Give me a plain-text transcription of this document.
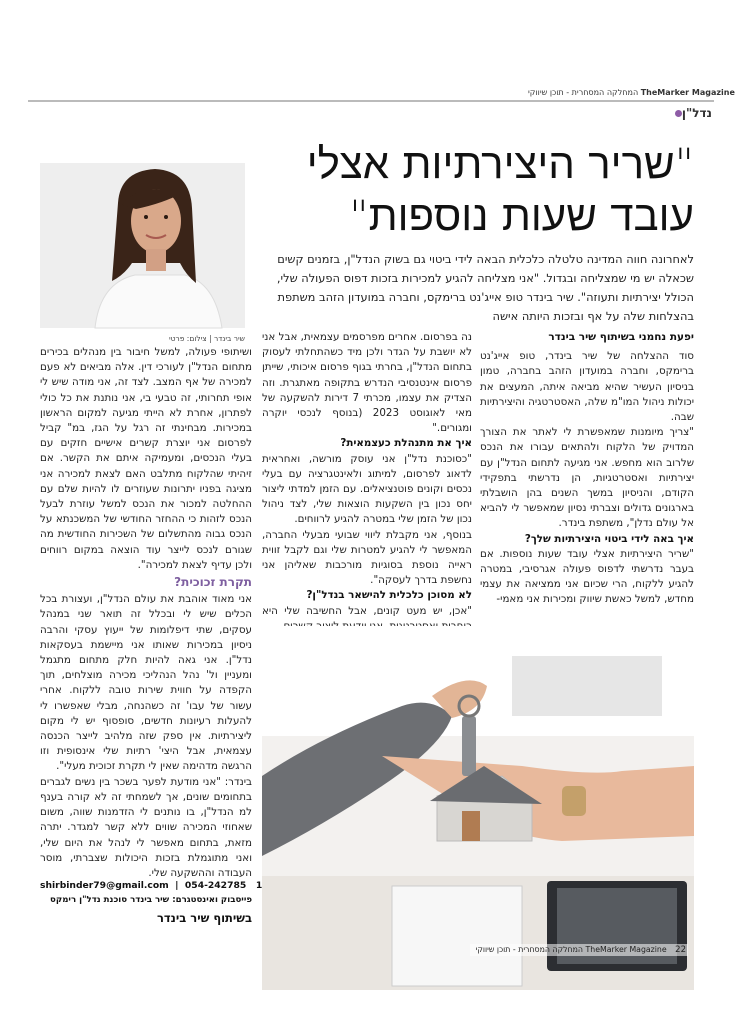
המחלקה המסחרית - תוכן שיווקי TheMarker Magazine
נדל"ן
"שריר היצירתיות אצלי
עובד שעות נוספות"
שיר בינדר | צילום: פרטי
לאחרונה חווה המדינה טלטלה כלכלית הבאה לידי ביטוי גם בשוק הנדל"ן, בזמנים קשים שכאלה יש מי שמצליחה ובגדול. "אני מצליחה להגיע למכירות בזכות דפוס הפעולה שלי, הכולל יצירתיות ותעוזה". שיר בינדר טופ אייג'נט ברימקס, וחברה במועדון הזהב משתפת בהצלחות שלה על אף ובזכות היותה אישה
יפעת נחמני בשיתוף שיר בינדר

סוד ההצלחה של שיר בינדר, טופ אייג'נט ברימקס, וחברה במועדון הזהב בחברה, טמון בניסיון העשיר שהיא מביאה איתה, המעצים את יכולות ניהול המו"מ שלה, האסטרטגיה והיצירתיות שבה.

"צריך מיומנות שמאפשרת לי לאתר את הצורך המדויק של הלקוח ולהתאים עבורו את הנכס שלרוב הוא מחפש. אני מגיעה לתחום הנדל"ן עם יצירתיות ואסטרטגיות, הן נדרשתי בתפקידי הקודם, והניסיון במשך השנים בהן הושבלתי בארגונים גדולים וצברתי נסיון שמאפשר לי להביא אל עולם נדלן", משתפת בינדר.

איך באה לידי ביטוי היצירתיות שלך?

"שריר היצירתיות אצלי עובד שעות נוספות. אם בעבר נדרשתי לדפוס פעולה אגרסיבי, במטרה להגיע ללקוח, הרי שכיום אני ממציאה את עצמי מחדש, למשל כאשת שיווק ומכירות אני מאמי-

נה בפרסום. אחרים מפרסמים עצמאית, אבל אני לא יושבת על הגדר ולכן מיד כשהתחלתי לעסוק בתחום הנדל"ן, בחרתי בגוף פרסום איכותי, שייתן פרסום אינטנסיבי הנדרש בתקופה מאתגרת. וזה הצדיק את עצמו, מכרתי 7 דירות להשקעה של מאי לאוגוסט 2023 (בנוסף לנכסי יוקרה ומגורים."

איך את מתנהלת כעצמאית?

"כסוכנת נדל"ן אני עוסק מורשה, ואחראית לדאוג לפרסום, למיתוג ולאינטגרציה עם בעלי נכסים וקונים פוטנציאלים. עם הזמן למדתי ליצור יחס נכון בין השקעות הוצאות שלי, לצד ניהול נכון של הזמן שלי במטרה להגיע לרווחים.

בנוסף, אני מקבלת ליווי שבועי מבעלי החברה, המאפשר לי להגיע למטרות שלי וגם לקבל זווית ראייה נוספת בסוגיות מורכבות שאליהן אני נחשפת בדרך לעסקה".

לא מסוכן כלכלית להישאר בנדל"ן?

"אכן, יש מעט קונים, אבל החשיבה שלי היא

ושיתופי פעולה, למשל חיבור בין מנהלים בכירים מתחום הנדל"ן לעורכי דין. אלה מביאים לא פעם למכירה של אף המצב. לצד זה, אני מודה שיש לי אופי תחרותי, זה טבעי בי, אני נותנת את כל כולי לפתרון, אחרת לא הייתי מגיעה למקום הראשון במכירות. מבחינתי זה רגל על הגז, במ" קביל לפרסום אני יוצרת קשרים אישיים חזקים עם בעלי הנכסים, ומעמיקה איתם את הקשר. אם זיהיתי שהלקוח מתלבט האם לצאת למכירה אני מציגה בפניו יתרונות שעוזרים לו להיות שלם עם ההחלטה למכור את הנכס למשל עוזרת לבעל הנכס לזהות כי ההחזר החודשי של המשכנתא על הנכס גבוה מהתשלום של השכירות החודשית מה שגורם לנכס לייצר עוד הוצאה במקום רווחים ולכן עדיף לצאת למכירה".

תקרת זכוכית?

אני מאוד אוהבת את עולם הנדל"ן, ועצורת בכל הכלים שיש לי ובכלל זה תואר שני במנהל עסקים, שתי דיפלומות של ייעוץ עסקי והרבה ניסיון במכירות שאותו אני מיישמת בעסקאות נדל"ן. אני גאה להיות חלק מתחום מתגמל ומעניין ול' נהל הנהליכי מכירה מוצלחים, תוך הקפדה על חווית שירות טובה ללקוח. אחרי עשור של עבו' זה כשהנחה, מבלי שאפשרו לי להעלות רעיונות חדשים, סופסוף יש לי מקום ליצירתיות. אין ספק שזה מלהיב לייצר הכנסה עצמאית, אבל היצי' רתיות שלי אינסופית וזו הרגשה מדהימה שאין לי תקרת זכוכית מעלי".

בינדר: "אני מודעת לפער בשכר בין נשים לגברים בתחומים שונים, אך לשמחתי זה לא קורה בענף למ הנדל"ן, בו נותנים לי הזדמנות שווה, משום שאחוזי המכירה שווים ללא קשר למגדר. יתרה מזאת, בתחום מאפשר לי לנהל את היום שלי, ואני מתוגמלת בזכות היכולות שצברתי, מוסר העבודה וההשקעה שלי.

shirbinder79@gmail.com  |  054-242785 1
פייסבוק ואינסטגרם: שיר בינדר סוכנת נדל"ן רימקס
בשיתוף שיר בינדר
המחלקה המסחרית - תוכן שיווקי TheMarker Magazine 22
